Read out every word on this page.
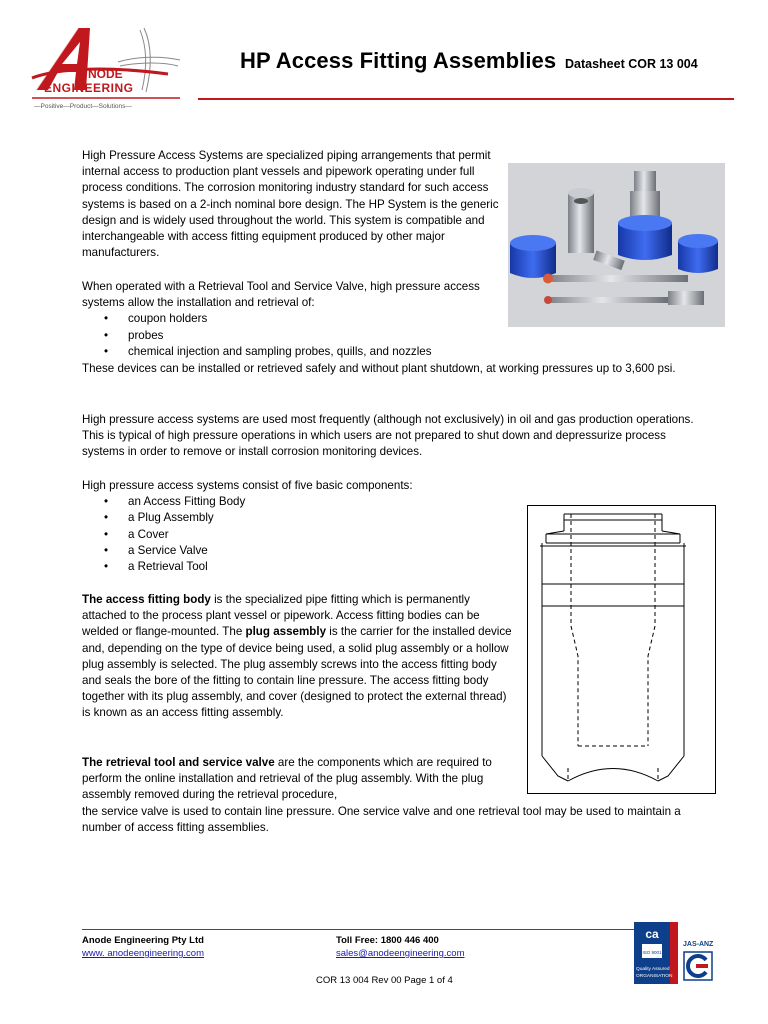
NODE
ENGINEERING
—Positive—Product—Solutions—
HP Access Fitting Assemblies Datasheet COR 13 004
High Pressure Access Systems are specialized piping arrangements that permit internal access to production plant vessels and pipework operating under full process conditions. The corrosion monitoring industry standard for such access systems is based on a 2-inch nominal bore design. The HP System is the generic design and is widely used throughout the world. This system is compatible and interchangeable with access fitting equipment produced by other major manufacturers.
When operated with a Retrieval Tool and Service Valve, high pressure access systems allow the installation and retrieval of:
• coupon holders
• probes
• chemical injection and sampling probes, quills, and nozzles
These devices can be installed or retrieved safely and without plant shutdown, at working pressures up to 3,600 psi.
High pressure access systems are used most frequently (although not exclusively) in oil and gas production operations. This is typical of high pressure operations in which users are not prepared to shut down and depressurize process systems in order to remove or install corrosion monitoring devices.
High pressure access systems consist of five basic components:
• an Access Fitting Body
• a Plug Assembly
• a Cover
• a Service Valve
• a Retrieval Tool
The access fitting body is the specialized pipe fitting which is permanently attached to the process plant vessel or pipework. Access fitting bodies can be welded or flange-mounted. The plug assembly is the carrier for the installed device and, depending on the type of device being used, a solid plug assembly or a hollow plug assembly is selected. The plug assembly screws into the access fitting body and seals the bore of the fitting to contain line pressure. The access fitting body together with its plug assembly, and cover (designed to protect the external thread) is known as an access fitting assembly.
The retrieval tool and service valve are the components which are required to perform the online installation and retrieval of the plug assembly. With the plug assembly removed during the retrieval procedure,
the service valve is used to contain line pressure. One service valve and one retrieval tool may be used to maintain a number of access fitting assemblies.
Anode Engineering Pty Ltd
www. anodeengineering.com
Toll Free: 1800 446 400
sales@anodeengineering.com
COR 13 004 Rev 00 Page 1 of 4
ca
ISO 9001
Quality Assured
ORGANISATION
JAS-ANZ
